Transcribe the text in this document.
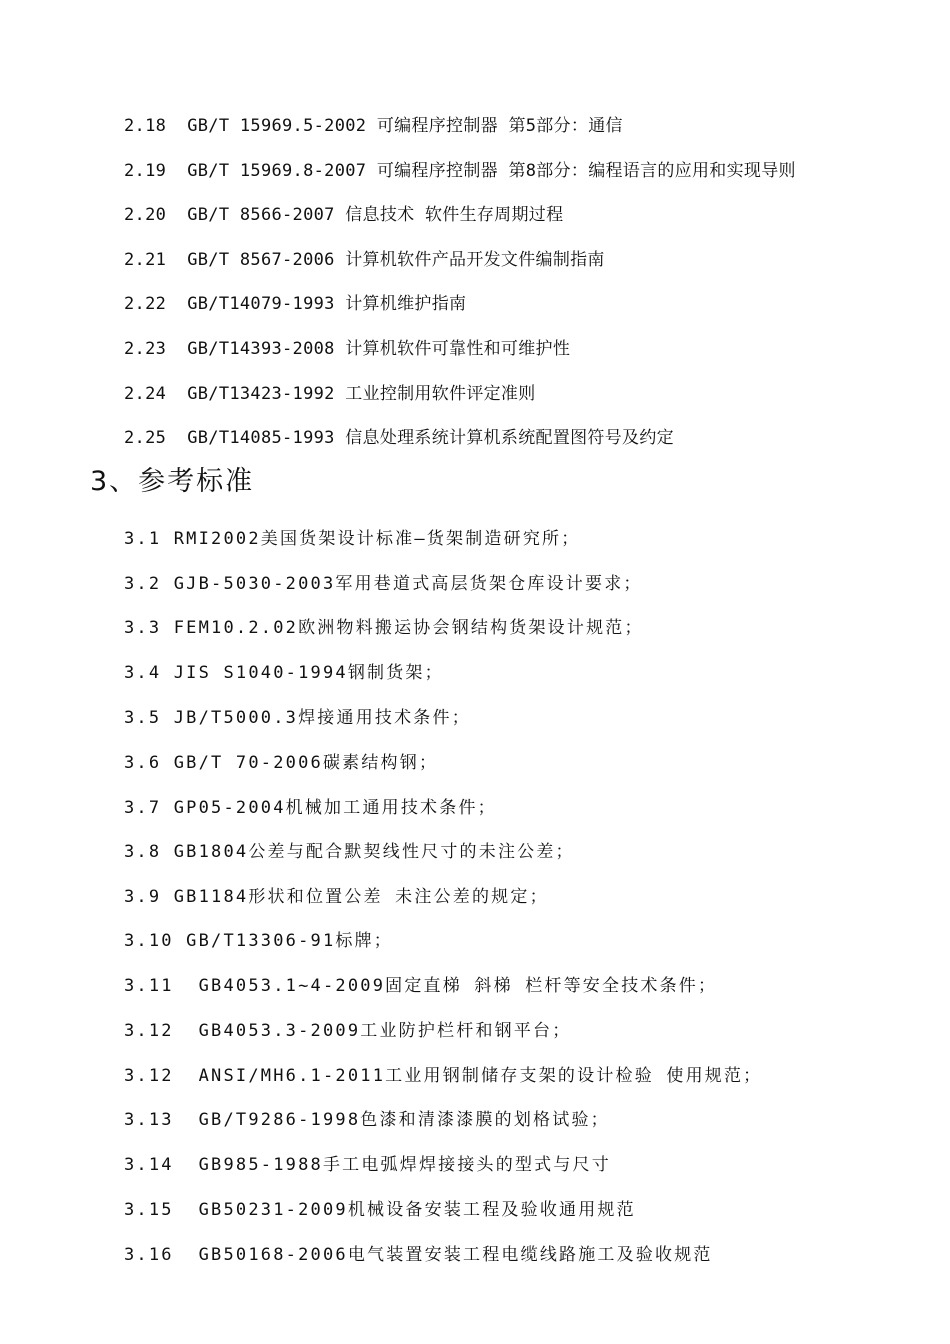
2.18  GB/T 15969.5-2002 可编程序控制器 第5部分：通信
2.19  GB/T 15969.8-2007 可编程序控制器 第8部分：编程语言的应用和实现导则
2.20  GB/T 8566-2007 信息技术 软件生存周期过程
2.21  GB/T 8567-2006 计算机软件产品开发文件编制指南
2.22  GB/T14079-1993 计算机维护指南
2.23  GB/T14393-2008 计算机软件可靠性和可维护性
2.24  GB/T13423-1992 工业控制用软件评定准则
2.25  GB/T14085-1993 信息处理系统计算机系统配置图符号及约定
3、参考标准
3.1 RMI2002美国货架设计标准—货架制造研究所；
3.2 GJB-5030-2003军用巷道式高层货架仓库设计要求；
3.3 FEM10.2.02欧洲物料搬运协会钢结构货架设计规范；
3.4 JIS S1040-1994钢制货架；
3.5 JB/T5000.3焊接通用技术条件；
3.6 GB/T 70-2006碳素结构钢；
3.7 GP05-2004机械加工通用技术条件；
3.8 GB1804公差与配合默契线性尺寸的未注公差；
3.9 GB1184形状和位置公差 未注公差的规定；
3.10 GB/T13306-91标牌；
3.11  GB4053.1~4-2009固定直梯 斜梯 栏杆等安全技术条件；
3.12  GB4053.3-2009工业防护栏杆和钢平台；
3.12  ANSI/MH6.1-2011工业用钢制储存支架的设计检验 使用规范；
3.13  GB/T9286-1998色漆和清漆漆膜的划格试验；
3.14  GB985-1988手工电弧焊焊接接头的型式与尺寸
3.15  GB50231-2009机械设备安装工程及验收通用规范
3.16  GB50168-2006电气装置安装工程电缆线路施工及验收规范
